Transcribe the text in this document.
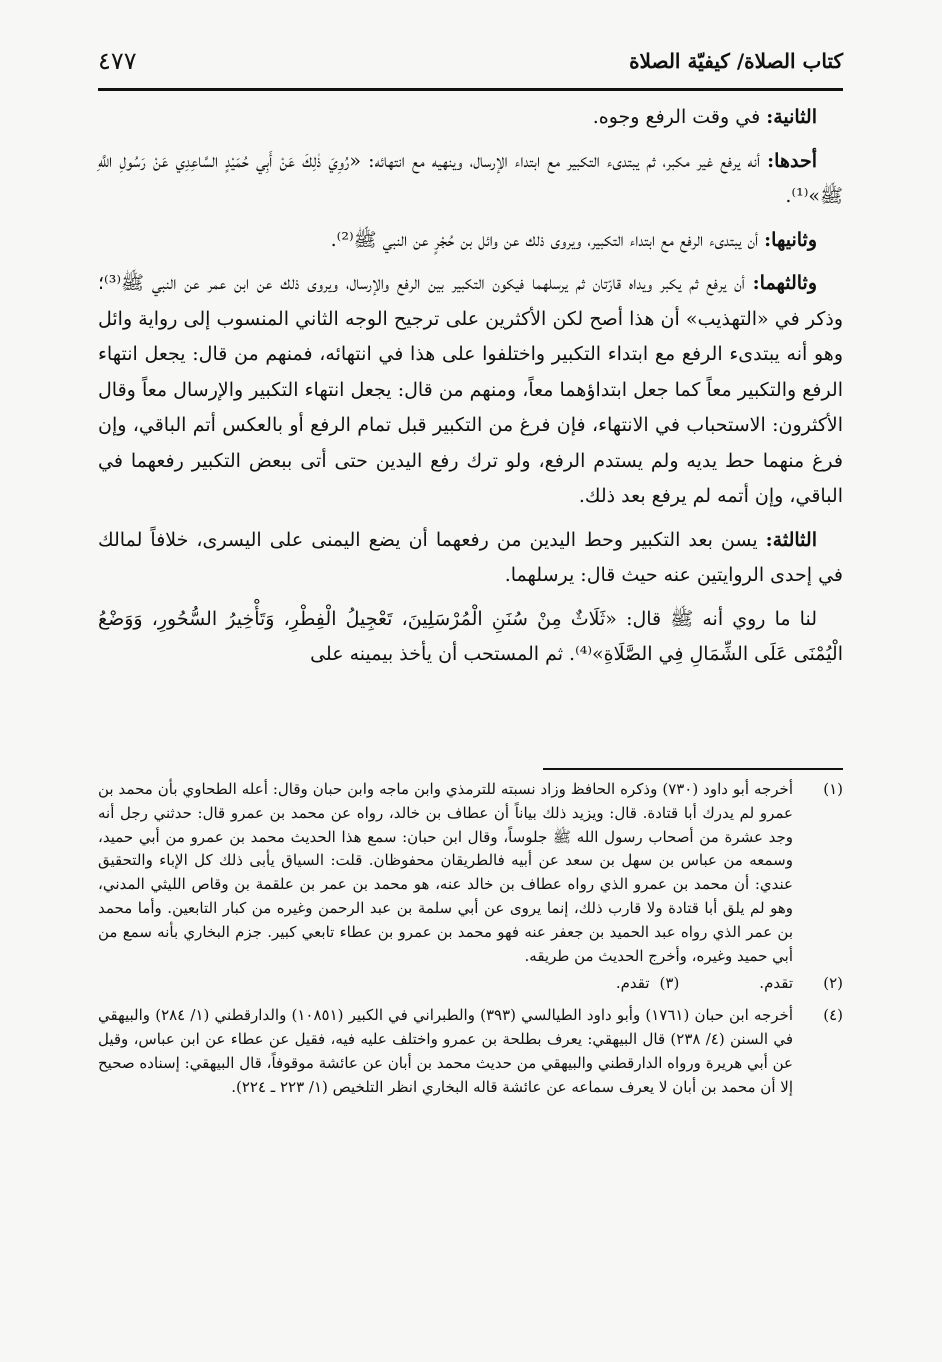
كتاب الصلاة/ كيفيّة الصلاة
٤٧٧

الثانية: في وقت الرفع وجوه.

أحدها: أنه يرفع غير مكبر، ثم يبتدىء التكبير مع ابتداء الإرسال، وينهيه مع انتهائه: «رُوِيَ ذٰلِكَ عَنْ أَبِي حُمَيْدٍ السَّاعِدِي عَنْ رَسُولِ اللَّهِ ﷺ»⁽¹⁾.

وثانيها: أن يبتدىء الرفع مع ابتداء التكبير، ويروى ذلك عن وائل بن حُجْرٍ عن النبي ﷺ⁽²⁾.

وثالثهما: أن يرفع ثم يكبر ويداه قارّتان ثم يرسلهما فيكون التكبير بين الرفع والإرسال، ويروى ذلك عن ابن عمر عن النبي ﷺ⁽³⁾؛ وذكر في «التهذيب» أن هذا أصح لكن الأكثرين على ترجيح الوجه الثاني المنسوب إلى رواية وائل وهو أنه يبتدىء الرفع مع ابتداء التكبير واختلفوا على هذا في انتهائه، فمنهم من قال: يجعل انتهاء الرفع والتكبير معاً كما جعل ابتداؤهما معاً، ومنهم من قال: يجعل انتهاء التكبير والإرسال معاً وقال الأكثرون: الاستحباب في الانتهاء، فإن فرغ من التكبير قبل تمام الرفع أو بالعكس أتم الباقي، وإن فرغ منهما حط يديه ولم يستدم الرفع، ولو ترك رفع اليدين حتى أتى ببعض التكبير رفعهما في الباقي، وإن أتمه لم يرفع بعد ذلك.

الثالثة: يسن بعد التكبير وحط اليدين من رفعهما أن يضع اليمنى على اليسرى، خلافاً لمالك في إحدى الروايتين عنه حيث قال: يرسلهما.

لنا ما روي أنه ﷺ قال: «ثَلَاثٌ مِنْ سُنَنِ الْمُرْسَلِينَ، تَعْجِيلُ الْفِطْرِ، وَتَأْخِيرُ السُّحُورِ، وَوَضْعُ الْيُمْنَى عَلَى الشِّمَالِ فِي الصَّلَاةِ»⁽⁴⁾. ثم المستحب أن يأخذ بيمينه على

(١)
أخرجه أبو داود (٧٣٠) وذكره الحافظ وزاد نسبته للترمذي وابن ماجه وابن حبان وقال: أعله الطحاوي بأن محمد بن عمرو لم يدرك أبا قتادة. قال: ويزيد ذلك بياناً أن عطاف بن خالد، رواه عن محمد بن عمرو قال: حدثني رجل أنه وجد عشرة من أصحاب رسول الله ﷺ جلوساً، وقال ابن حبان: سمع هذا الحديث محمد بن عمرو من أبي حميد، وسمعه من عباس بن سهل بن سعد عن أبيه فالطريقان محفوظان. قلت: السياق يأبى ذلك كل الإباء والتحقيق عندي: أن محمد بن عمرو الذي رواه عطاف بن خالد عنه، هو محمد بن عمر بن علقمة بن وقاص الليثي المدني، وهو لم يلق أبا قتادة ولا قارب ذلك، إنما يروى عن أبي سلمة بن عبد الرحمن وغيره من كبار التابعين. وأما محمد بن عمر الذي رواه عبد الحميد بن جعفر عنه فهو محمد بن عمرو بن عطاء تابعي كبير. جزم البخاري بأنه سمع من أبي حميد وغيره، وأخرج الحديث من طريقه.
(٢)
تقدم.
(٣)
تقدم.
(٤)
أخرجه ابن حبان (١٧٦١) وأبو داود الطيالسي (٣٩٣) والطبراني في الكبير (١٠٨٥١) والدارقطني (١/ ٢٨٤) والبيهقي في السنن (٤/ ٢٣٨) قال البيهقي: يعرف بطلحة بن عمرو واختلف عليه فيه، فقيل عن عطاء عن ابن عباس، وقيل عن أبي هريرة ورواه الدارقطني والبيهقي من حديث محمد بن أبان عن عائشة موقوفاً، قال البيهقي: إسناده صحيح إلا أن محمد بن أبان لا يعرف سماعه عن عائشة قاله البخاري انظر التلخيص (١/ ٢٢٣ ـ ٢٢٤).
